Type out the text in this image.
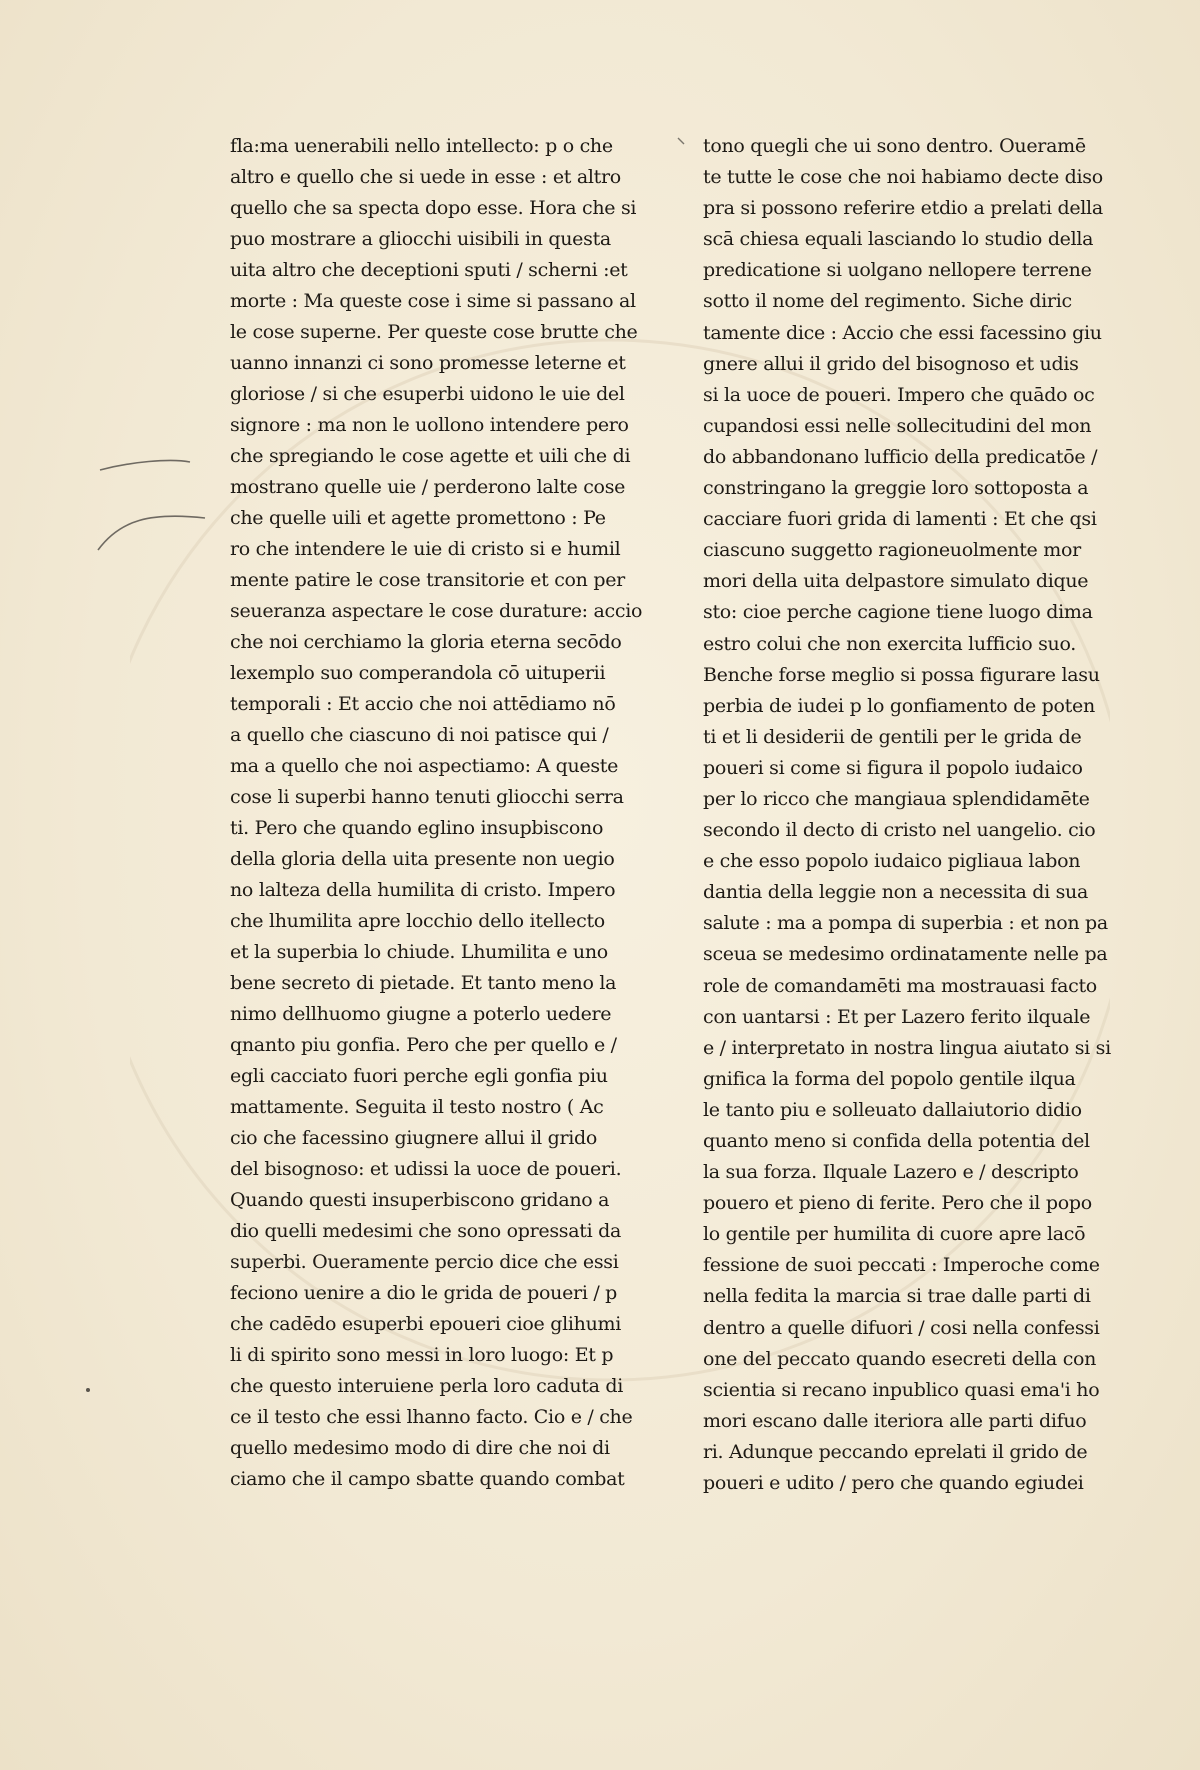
fla:ma uenerabili nello intellecto: p o che
altro e quello che si uede in esse : et altro
quello che sa specta dopo esse. Hora che si
puo mostrare a gliocchi uisibili in questa
uita altro che deceptioni sputi / scherni :et
morte : Ma queste cose i sime si passano al
le cose superne. Per queste cose brutte che
uanno innanzi ci sono promesse leterne et
gloriose / si che esuperbi uidono le uie del
signore : ma non le uollono intendere pero
che spregiando le cose agette et uili che di
mostrano quelle uie / perderono lalte cose
che quelle uili et agette promettono : Pe
ro che intendere le uie di cristo si e humil
mente patire le cose transitorie et con per
seueranza aspectare le cose durature: accio
che noi cerchiamo la gloria eterna secōdo
lexemplo suo comperandola cō uituperii
temporali : Et accio che noi attēdiamo nō
a quello che ciascuno di noi patisce qui /
ma a quello che noi aspectiamo: A queste
cose li superbi hanno tenuti gliocchi serra
ti. Pero che quando eglino insupbiscono
della gloria della uita presente non uegio
no lalteza della humilita di cristo. Impero
che lhumilita apre locchio dello itellecto
et la superbia lo chiude. Lhumilita e uno
bene secreto di pietade. Et tanto meno la
nimo dellhuomo giugne a poterlo uedere
qnanto piu gonfia. Pero che per quello e /
egli cacciato fuori perche egli gonfia piu
mattamente. Seguita il testo nostro ( Ac
cio che facessino giugnere allui il grido
del bisognoso: et udissi la uoce de poueri.
Quando questi insuperbiscono gridano a
dio quelli medesimi che sono opressati da
superbi. Oueramente percio dice che essi
feciono uenire a dio le grida de poueri / p
che cadēdo esuperbi epoueri cioe glihumi
li di spirito sono messi in loro luogo: Et p
che questo interuiene perla loro caduta di
ce il testo che essi lhanno facto. Cio e / che
quello medesimo modo di dire che noi di
ciamo che il campo sbatte quando combat
tono quegli che ui sono dentro. Oueramē
te tutte le cose che noi habiamo decte diso
pra si possono referire etdio a prelati della
scā chiesa equali lasciando lo studio della
predicatione si uolgano nellopere terrene
sotto il nome del regimento. Siche diric
tamente dice : Accio che essi facessino giu
gnere allui il grido del bisognoso et udis
si la uoce de poueri. Impero che quādo oc
cupandosi essi nelle sollecitudini del mon
do abbandonano lufficio della predicatōe /
constringano la greggie loro sottoposta a
cacciare fuori grida di lamenti : Et che qsi
ciascuno suggetto ragioneuolmente mor
mori della uita delpastore simulato dique
sto: cioe perche cagione tiene luogo dima
estro colui che non exercita lufficio suo.
Benche forse meglio si possa figurare lasu
perbia de iudei p lo gonfiamento de poten
ti et li desiderii de gentili per le grida de
poueri si come si figura il popolo iudaico
per lo ricco che mangiaua splendidamēte
secondo il decto di cristo nel uangelio. cio
e che esso popolo iudaico pigliaua labon
dantia della leggie non a necessita di sua
salute : ma a pompa di superbia : et non pa
sceua se medesimo ordinatamente nelle pa
role de comandamēti ma mostrauasi facto
con uantarsi : Et per Lazero ferito ilquale
e / interpretato in nostra lingua aiutato si si
gnifica la forma del popolo gentile ilqua
le tanto piu e solleuato dallaiutorio didio
quanto meno si confida della potentia del
la sua forza. Ilquale Lazero e / descripto
pouero et pieno di ferite. Pero che il popo
lo gentile per humilita di cuore apre lacō
fessione de suoi peccati : Imperoche come
nella fedita la marcia si trae dalle parti di
dentro a quelle difuori / cosi nella confessi
one del peccato quando esecreti della con
scientia si recano inpublico quasi ema'i ho
mori escano dalle iteriora alle parti difuo
ri. Adunque peccando eprelati il grido de
poueri e udito / pero che quando egiudei
